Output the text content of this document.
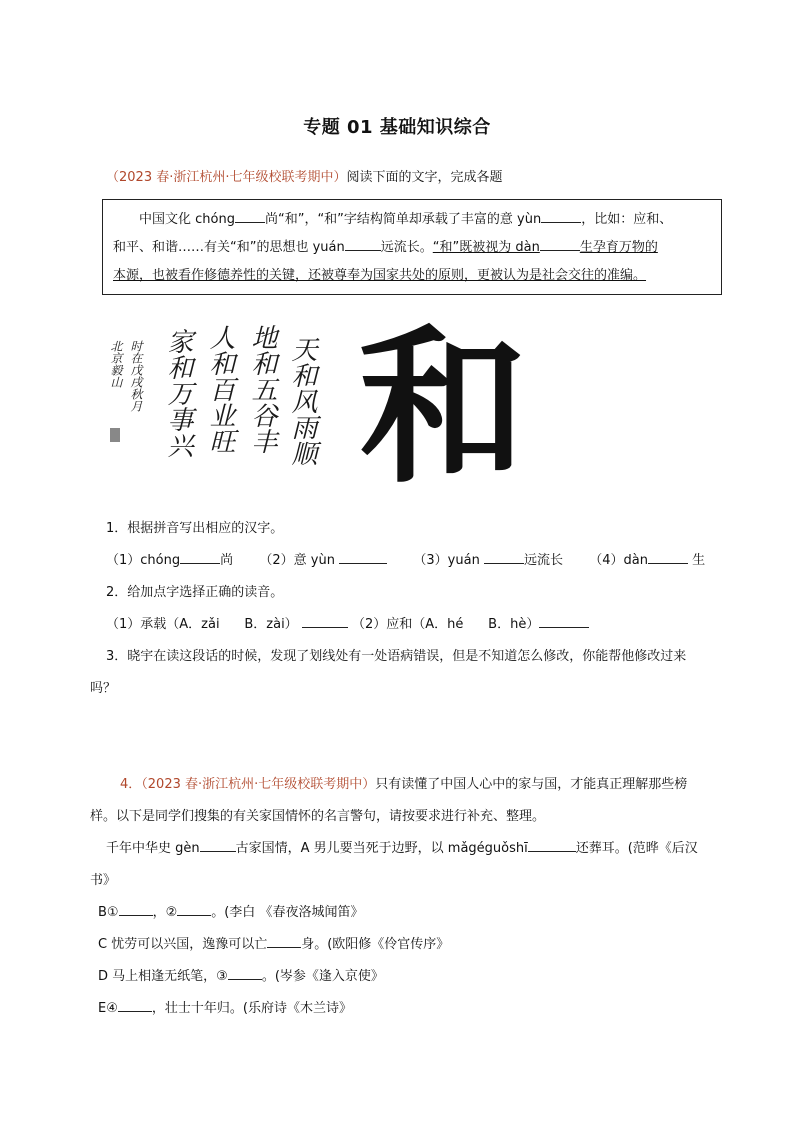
专题 01 基础知识综合
（2023 春·浙江杭州·七年级校联考期中）阅读下面的文字，完成各题

中国文化 chóng 尚“和”，“和”字结构简单却承载了丰富的意 yùn	，比如：应和、

和平、和谐……有关“和”的思想也 yuán	远流长。“和”既被视为 dàn	生孕育万物的

本源，也被看作修德养性的关键，还被尊奉为国家共处的原则，更被认为是社会交往的准编。

天和风雨顺
地和五谷丰
人和百业旺
家和万事兴
时在戊戌秋月
北京毅山 和
1．根据拼音写出相应的汉字。
（1）chóng	尚 （2）意 yùn	（3）yuán	远流长 （4）dàn	生
2．给加点字选择正确的读音。
（1）承载（A．zǎi      B．zài）	（2）应和（A．hé      B．hè）
3．晓宇在读这段话的时候，发现了划线处有一处语病错误，但是不知道怎么修改，你能帮他修改过来
吗？
4．（2023 春·浙江杭州·七年级校联考期中）只有读懂了中国人心中的家与国，才能真正理解那些榜
样。以下是同学们搜集的有关家国情怀的名言警句，请按要求进行补充、整理。
千年中华史 gèn	古家国情，A 男儿要当死于边野，以 mǎgéguǒshī	还葬耳。(范晔《后汉
书》
B①	，②	。(李白 《春夜洛城闻笛》
C 忧劳可以兴国，逸豫可以亡	身。(欧阳修《伶官传序》
D 马上相逢无纸笔，③	。(岑参《逢入京使》
E④	，壮士十年归。(乐府诗《木兰诗》
